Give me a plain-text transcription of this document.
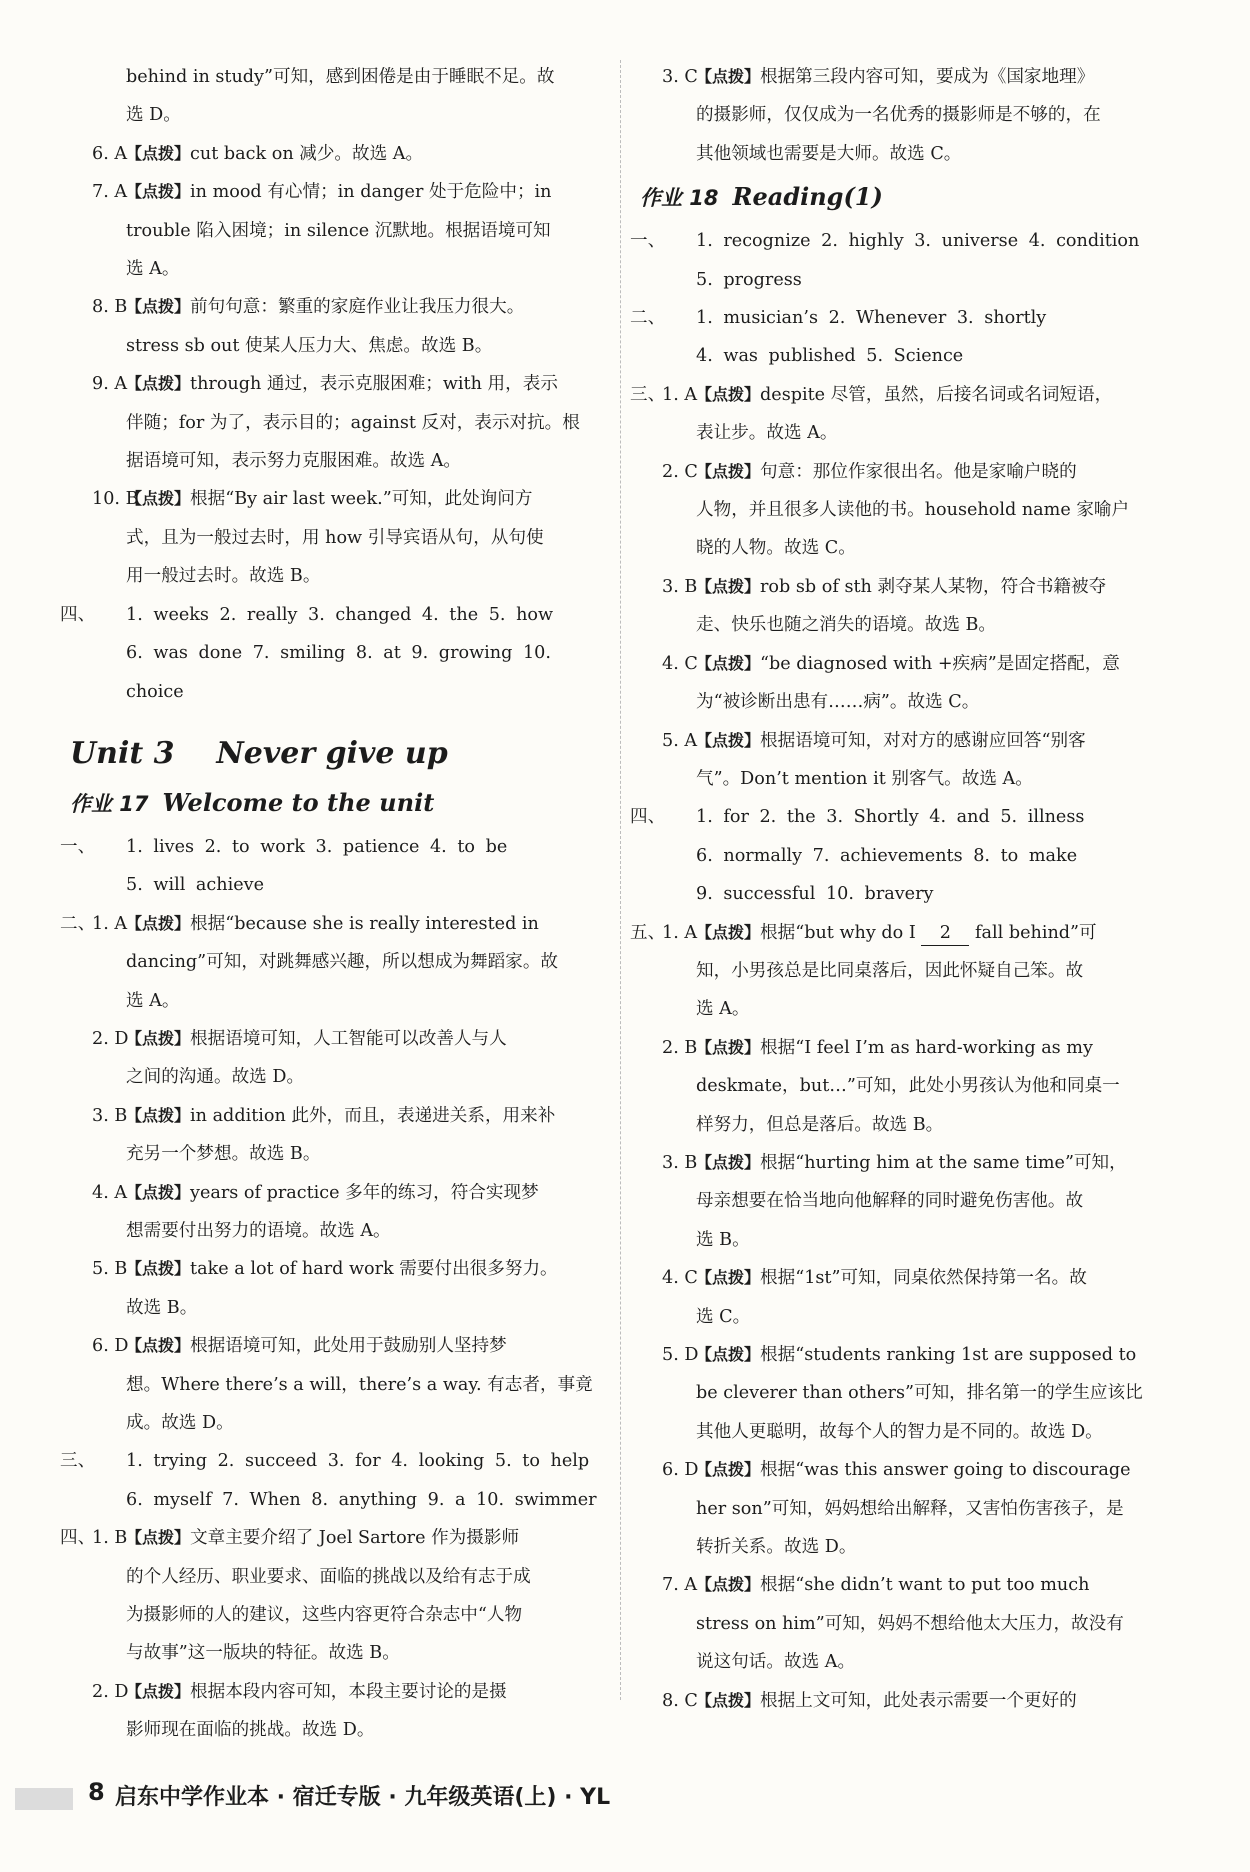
behind in study”可知，感到困倦是由于睡眠不足。故
选 D。
6. A
【点拨】cut back on 减少。故选 A。
7. A
【点拨】in mood 有心情；in danger 处于危险中；in
trouble 陷入困境；in silence 沉默地。根据语境可知
选 A。
8. B
【点拨】前句句意：繁重的家庭作业让我压力很大。
stress sb out 使某人压力大、焦虑。故选 B。
9. A
【点拨】through 通过，表示克服困难；with 用，表示
伴随；for 为了，表示目的；against 反对，表示对抗。根
据语境可知，表示努力克服困难。故选 A。
10. B
【点拨】根据“By air last week.”可知，此处询问方
式，且为一般过去时，用 how 引导宾语从句，从句使
用一般过去时。故选 B。
四、 1. weeks 2. really 3. changed 4. the 5. how
6. was done 7. smiling 8. at 9. growing 10. choice
Unit 3    Never give up
作业 17 Welcome to the unit
一、 1. lives 2. to work 3. patience 4. to be
5. will achieve
二、
1. A
【点拨】根据“because she is really interested in
dancing”可知，对跳舞感兴趣，所以想成为舞蹈家。故
选 A。
2. D
【点拨】根据语境可知，人工智能可以改善人与人
之间的沟通。故选 D。
3. B
【点拨】in addition 此外，而且，表递进关系，用来补
充另一个梦想。故选 B。
4. A
【点拨】years of practice 多年的练习，符合实现梦
想需要付出努力的语境。故选 A。
5. B
【点拨】take a lot of hard work 需要付出很多努力。
故选 B。
6. D
【点拨】根据语境可知，此处用于鼓励别人坚持梦
想。Where there’s a will，there’s a way. 有志者，事竟
成。故选 D。
三、 1. trying 2. succeed 3. for 4. looking 5. to help
6. myself 7. When 8. anything 9. a 10. swimmer
四、
1. B
【点拨】文章主要介绍了 Joel Sartore 作为摄影师
的个人经历、职业要求、面临的挑战以及给有志于成
为摄影师的人的建议，这些内容更符合杂志中“人物
与故事”这一版块的特征。故选 B。
2. D
【点拨】根据本段内容可知，本段主要讨论的是摄
影师现在面临的挑战。故选 D。
3. C
【点拨】根据第三段内容可知，要成为《国家地理》
的摄影师，仅仅成为一名优秀的摄影师是不够的，在
其他领域也需要是大师。故选 C。
作业 18 Reading(1)
一、 1. recognize 2. highly 3. universe 4. condition
5. progress
二、 1. musician’s 2. Whenever 3. shortly
4. was published 5. Science
三、
1. A
【点拨】despite 尽管，虽然，后接名词或名词短语，
表让步。故选 A。
2. C
【点拨】句意：那位作家很出名。他是家喻户晓的
人物，并且很多人读他的书。household name 家喻户
晓的人物。故选 C。
3. B
【点拨】rob sb of sth 剥夺某人某物，符合书籍被夺
走、快乐也随之消失的语境。故选 B。
4. C
【点拨】“be diagnosed with +疾病”是固定搭配，意
为“被诊断出患有……病”。故选 C。
5. A
【点拨】根据语境可知，对对方的感谢应回答“别客
气”。Don’t mention it 别客气。故选 A。
四、 1. for 2. the 3. Shortly 4. and 5. illness
6. normally 7. achievements 8. to make
9. successful 10. bravery
五、
1. A
【点拨】根据“but why do I 2 fall behind”可
知，小男孩总是比同桌落后，因此怀疑自己笨。故
选 A。
2. B
【点拨】根据“I feel I’m as hard-working as my
deskmate，but…”可知，此处小男孩认为他和同桌一
样努力，但总是落后。故选 B。
3. B
【点拨】根据“hurting him at the same time”可知，
母亲想要在恰当地向他解释的同时避免伤害他。故
选 B。
4. C
【点拨】根据“1st”可知，同桌依然保持第一名。故
选 C。
5. D
【点拨】根据“students ranking 1st are supposed to
be cleverer than others”可知，排名第一的学生应该比
其他人更聪明，故每个人的智力是不同的。故选 D。
6. D
【点拨】根据“was this answer going to discourage
her son”可知，妈妈想给出解释，又害怕伤害孩子，是
转折关系。故选 D。
7. A
【点拨】根据“she didn’t want to put too much
stress on him”可知，妈妈不想给他太大压力，故没有
说这句话。故选 A。
8. C
【点拨】根据上文可知，此处表示需要一个更好的
8 启东中学作业本 · 宿迁专版 · 九年级英语(上) · YL
